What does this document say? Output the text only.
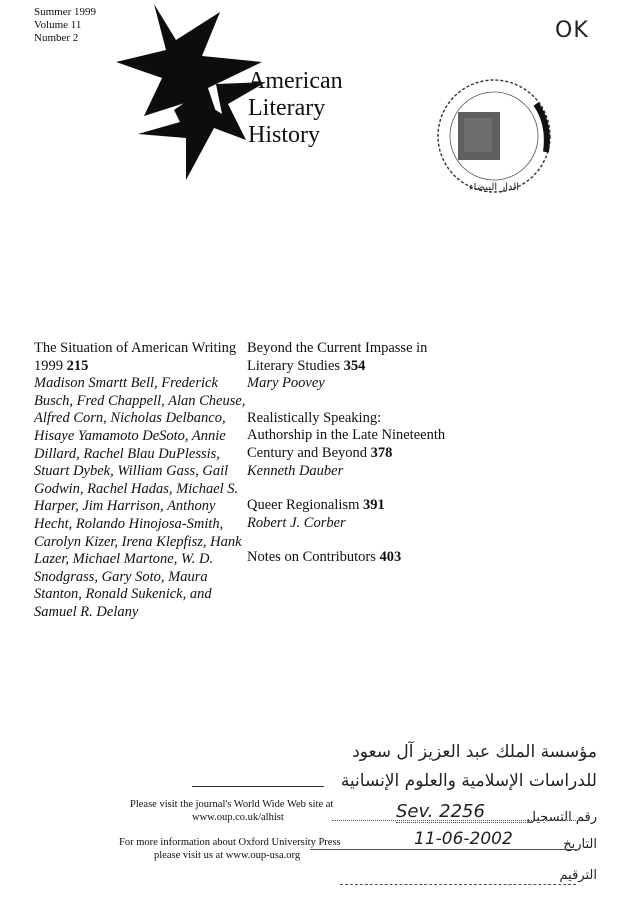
Summer 1999
Volume 11
Number 2
American
Literary
History
OK
الدار البيضاء
The Situation of American Writing 1999 215
Madison Smartt Bell, Frederick Busch, Fred Chappell, Alan Cheuse, Alfred Corn, Nicholas Delbanco, Hisaye Yamamoto DeSoto, Annie Dillard, Rachel Blau DuPlessis, Stuart Dybek, William Gass, Gail Godwin, Rachel Hadas, Michael S. Harper, Jim Harrison, Anthony Hecht, Rolando Hinojosa-Smith, Carolyn Kizer, Irena Klepfisz, Hank Lazer, Michael Martone, W. D. Snodgrass, Gary Soto, Maura Stanton, Ronald Sukenick, and Samuel R. Delany
Beyond the Current Impasse in Literary Studies 354
Mary Poovey
Realistically Speaking: Authorship in the Late Nineteenth Century and Beyond 378
Kenneth Dauber
Queer Regionalism 391
Robert J. Corber
Notes on Contributors 403
Please visit the journal's World Wide Web site at
www.oup.co.uk/alhist
For more information about Oxford University Press
please visit us at www.oup-usa.org
مؤسسة الملك عبد العزيز آل سعود
للدراسات الإسلامية والعلوم الإنسانية
رقم التسجيل
التاريخ
الترقيم
Sev. 2256
11-06-2002
